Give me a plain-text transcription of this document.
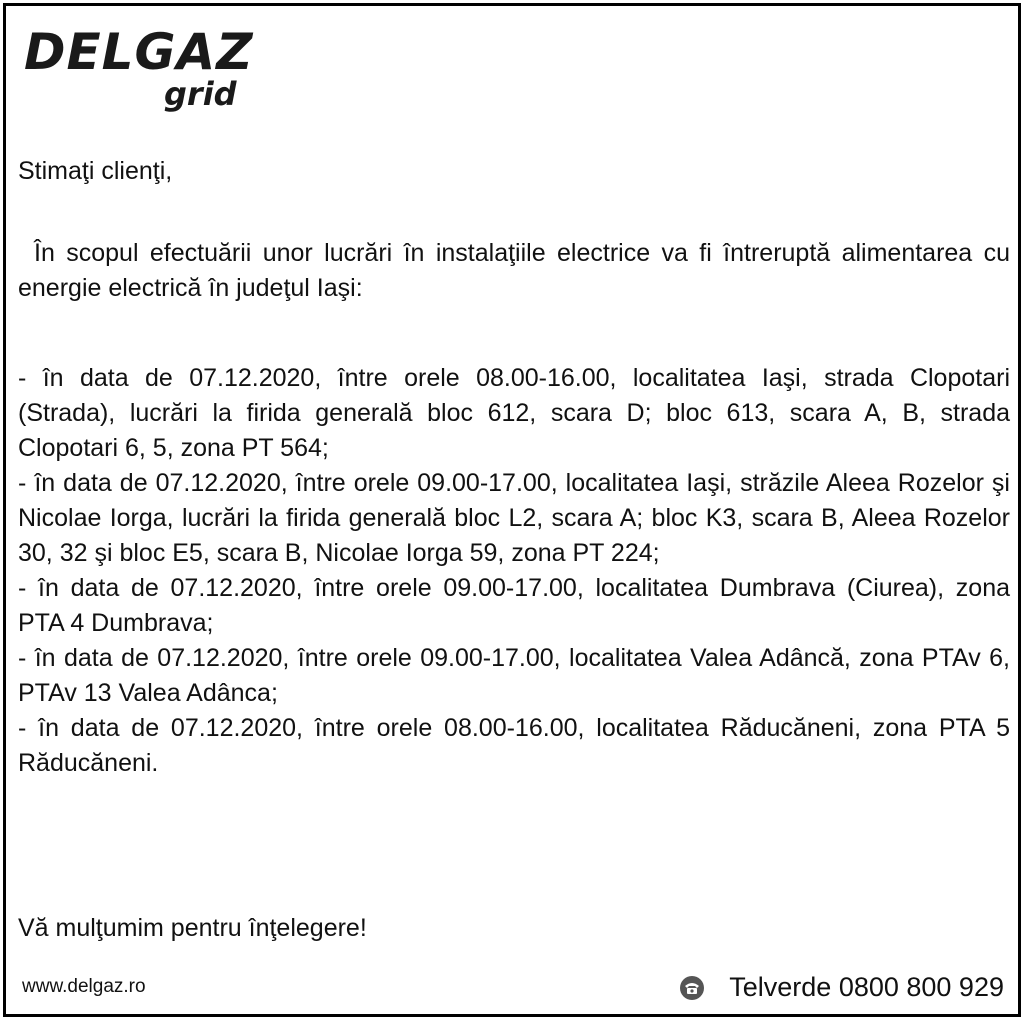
DELGAZ
grid
Stimaţi clienţi,
În scopul efectuării unor lucrări în instalaţiile electrice va fi întreruptă alimentarea cu energie electrică în judeţul Iaşi:

- în data de 07.12.2020, între orele 08.00-16.00, localitatea Iaşi, strada Clopotari (Strada), lucrări la firida generală bloc 612, scara D; bloc 613, scara A, B, strada Clopotari 6, 5, zona PT 564;

- în data de 07.12.2020, între orele 09.00-17.00, localitatea Iaşi, străzile Aleea Rozelor şi Nicolae Iorga, lucrări la firida generală bloc L2, scara A; bloc K3, scara B, Aleea Rozelor 30, 32 şi bloc E5, scara B, Nicolae Iorga 59, zona PT 224;

- în data de 07.12.2020, între orele 09.00-17.00, localitatea Dumbrava (Ciurea), zona PTA 4 Dumbrava;

- în data de 07.12.2020, între orele 09.00-17.00, localitatea Valea Adâncă, zona PTAv 6, PTAv 13 Valea Adânca;

- în data de 07.12.2020, între orele 08.00-16.00, localitatea Răducăneni, zona PTA 5 Răducăneni.

Vă mulţumim pentru înţelegere!
www.delgaz.ro	Telverde 0800 800 929
